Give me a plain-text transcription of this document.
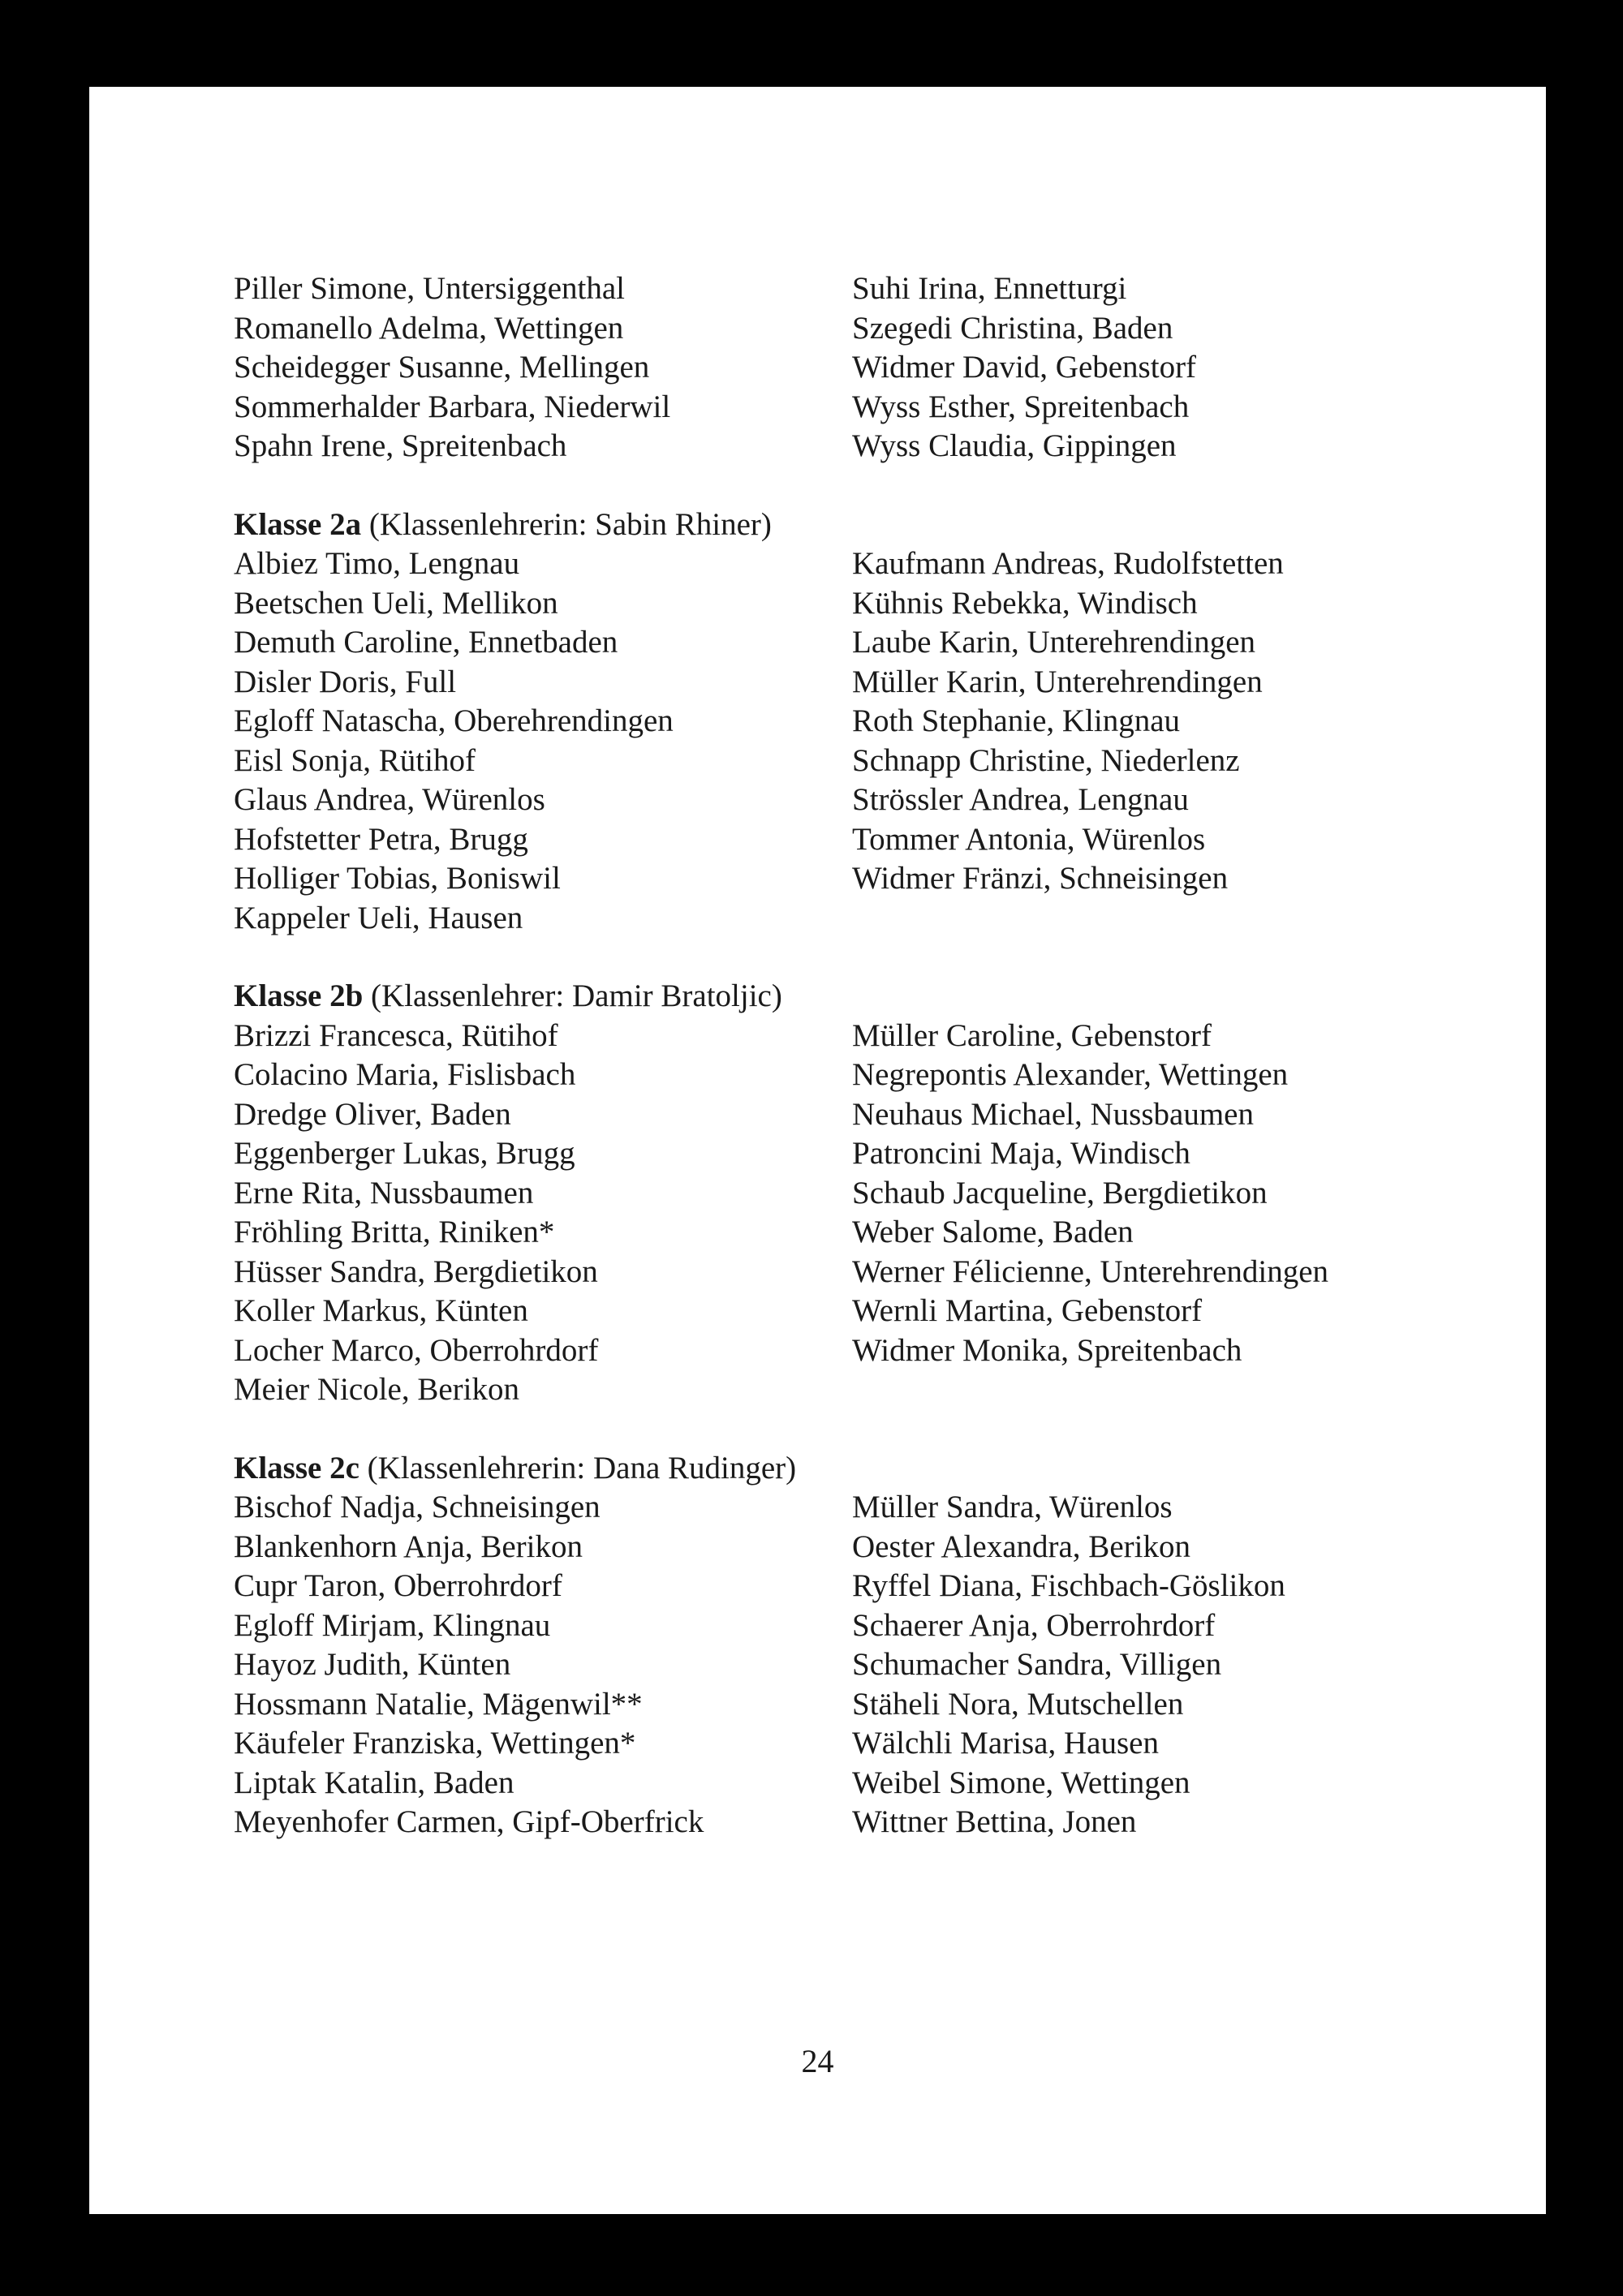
Piller Simone, Untersiggenthal
Romanello Adelma, Wettingen
Scheidegger Susanne, Mellingen
Sommerhalder Barbara, Niederwil
Spahn Irene, Spreitenbach
Suhi Irina, Ennetturgi
Szegedi Christina, Baden
Widmer David, Gebenstorf
Wyss Esther, Spreitenbach
Wyss Claudia, Gippingen
Klasse 2a (Klassenlehrerin: Sabin Rhiner)
Albiez Timo, Lengnau
Beetschen Ueli, Mellikon
Demuth Caroline, Ennetbaden
Disler Doris, Full
Egloff Natascha, Oberehrendingen
Eisl Sonja, Rütihof
Glaus Andrea, Würenlos
Hofstetter Petra, Brugg
Holliger Tobias, Boniswil
Kappeler Ueli, Hausen
Kaufmann Andreas, Rudolfstetten
Kühnis Rebekka, Windisch
Laube Karin, Unterehrendingen
Müller Karin, Unterehrendingen
Roth Stephanie, Klingnau
Schnapp Christine, Niederlenz
Strössler Andrea, Lengnau
Tommer Antonia, Würenlos
Widmer Fränzi, Schneisingen
Klasse 2b (Klassenlehrer: Damir Bratoljic)
Brizzi Francesca, Rütihof
Colacino Maria, Fislisbach
Dredge Oliver, Baden
Eggenberger Lukas, Brugg
Erne Rita, Nussbaumen
Fröhling Britta, Riniken*
Hüsser Sandra, Bergdietikon
Koller Markus, Künten
Locher Marco, Oberrohrdorf
Meier Nicole, Berikon
Müller Caroline, Gebenstorf
Negrepontis Alexander, Wettingen
Neuhaus Michael, Nussbaumen
Patroncini Maja, Windisch
Schaub Jacqueline, Bergdietikon
Weber Salome, Baden
Werner Félicienne, Unterehrendingen
Wernli Martina, Gebenstorf
Widmer Monika, Spreitenbach
Klasse 2c (Klassenlehrerin: Dana Rudinger)
Bischof Nadja, Schneisingen
Blankenhorn Anja, Berikon
Cupr Taron, Oberrohrdorf
Egloff Mirjam, Klingnau
Hayoz Judith, Künten
Hossmann Natalie, Mägenwil**
Käufeler Franziska, Wettingen*
Liptak Katalin, Baden
Meyenhofer Carmen, Gipf-Oberfrick
Müller Sandra, Würenlos
Oester Alexandra, Berikon
Ryffel Diana, Fischbach-Göslikon
Schaerer Anja, Oberrohrdorf
Schumacher Sandra, Villigen
Stäheli Nora, Mutschellen
Wälchli Marisa, Hausen
Weibel Simone, Wettingen
Wittner Bettina, Jonen
24
